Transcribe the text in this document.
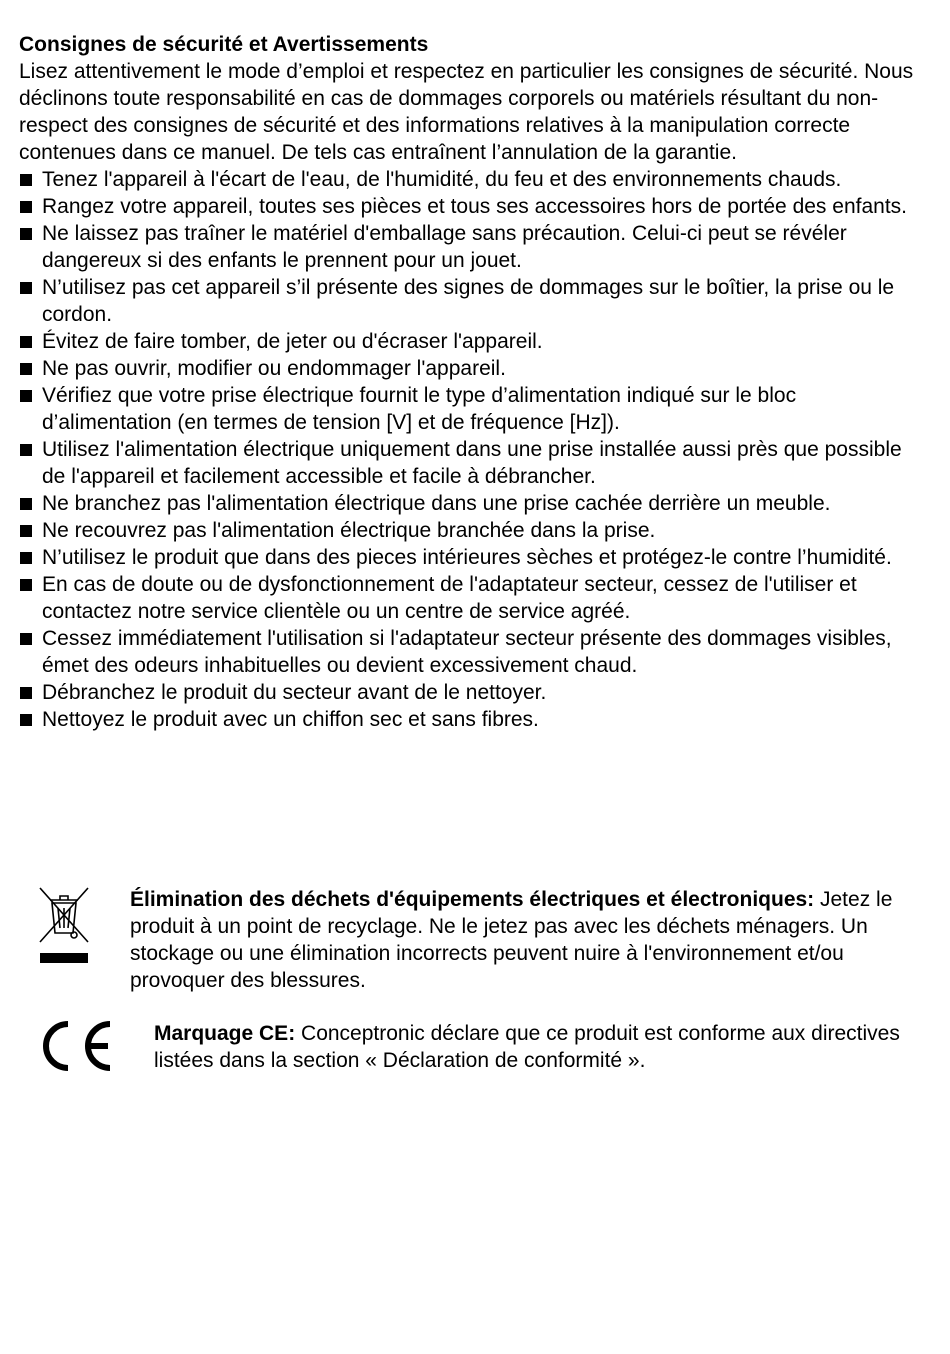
Consignes de sécurité et Avertissements

Lisez attentivement le mode d’emploi et respectez en particulier les consignes de sécurité. Nous déclinons toute responsabilité en cas de dommages corporels ou matériels résultant du non-respect des consignes de sécurité et des informations relatives à la manipulation correcte contenues dans ce manuel. De tels cas entraînent l’annulation de la garantie.

Tenez l'appareil à l'écart de l'eau, de l'humidité, du feu et des environnements chauds.
Rangez votre appareil, toutes ses pièces et tous ses accessoires hors de portée des enfants.
Ne laissez pas traîner le matériel d'emballage sans précaution. Celui-ci peut se révéler dangereux si des enfants le prennent pour un jouet.
N’utilisez pas cet appareil s’il présente des signes de dommages sur le boîtier, la prise ou le cordon.
Évitez de faire tomber, de jeter ou d'écraser l'appareil.
Ne pas ouvrir, modifier ou endommager l'appareil.
Vérifiez que votre prise électrique fournit le type d’alimentation indiqué sur le bloc d’alimentation (en termes de tension [V] et de fréquence [Hz]).
Utilisez l'alimentation électrique uniquement dans une prise installée aussi près que possible de l'appareil et facilement accessible et facile à débrancher.
Ne branchez pas l'alimentation électrique dans une prise cachée derrière un meuble.
Ne recouvrez pas l'alimentation électrique branchée dans la prise.
N’utilisez le produit que dans des pieces intérieures sèches et protégez-le contre l’humidité.
En cas de doute ou de dysfonctionnement de l'adaptateur secteur, cessez de l'utiliser et contactez notre service clientèle ou un centre de service agréé.
Cessez immédiatement l'utilisation si l'adaptateur secteur présente des dommages visibles, émet des odeurs inhabituelles ou devient excessivement chaud.
Débranchez le produit du secteur avant de le nettoyer.
Nettoyez le produit avec un chiffon sec et sans fibres.
Élimination des déchets d'équipements électriques et électroniques: Jetez le produit à un point de recyclage. Ne le jetez pas avec les déchets ménagers. Un stockage ou une élimination incorrects peuvent nuire à l'environnement et/ou provoquer des blessures.
Marquage CE: Conceptronic déclare que ce produit est conforme aux directives listées dans la section « Déclaration de conformité ».
